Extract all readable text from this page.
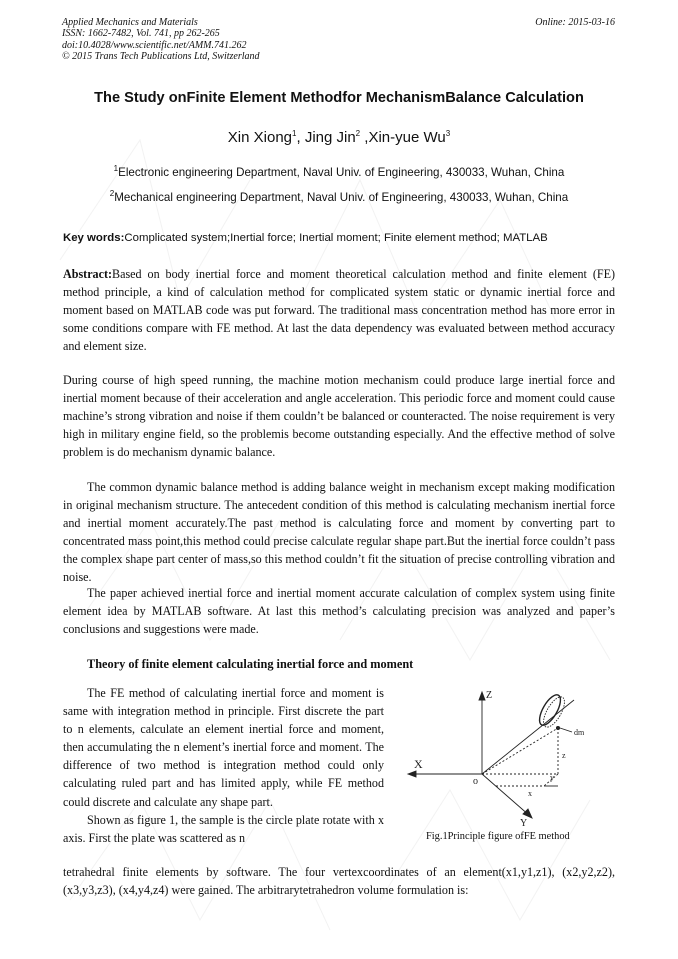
Applied Mechanics and Materials
ISSN: 1662-7482, Vol. 741, pp 262-265
doi:10.4028/www.scientific.net/AMM.741.262
© 2015 Trans Tech Publications Ltd, Switzerland
Online: 2015-03-16
The Study onFinite Element Methodfor MechanismBalance Calculation
Xin Xiong$^1$, Jing Jin$^2$ ,Xin-yue Wu$^3$
$^1$Electronic engineering Department, Naval Univ. of Engineering, 430033, Wuhan, China
$^2$Mechanical engineering Department, Naval Univ. of Engineering, 430033, Wuhan, China
Key words:Complicated system;Inertial force; Inertial moment; Finite element method; MATLAB
Abstract:Based on body inertial force and moment theoretical calculation method and finite element (FE) method principle, a kind of calculation method for complicated system static or dynamic inertial force and moment based on MATLAB code was put forward. The traditional mass concentration method has more error in some conditions compare with FE method. At last the data dependency was evaluated between method accuracy and element size.
During course of high speed running, the machine motion mechanism could produce large inertial force and inertial moment because of their acceleration and angle acceleration. This periodic force and moment could cause machine’s strong vibration and noise if them couldn’t be balanced or counteracted. The noise requirement is very high in military engine field, so the problemis become outstanding especially. And the effective method of solve problem is do mechanism dynamic balance.
The common dynamic balance method is adding balance weight in mechanism except making modification in original mechanism structure. The antecedent condition of this method is calculating mechanism inertial force and inertial moment accurately.The past method is calculating force and moment by converting part to concentrated mass point,this method could precise calculate regular shape part.But the inertial force couldn’t pass the complex shape part center of mass,so this method couldn’t fit the situation of precise controlling vibration and noise.
The paper achieved inertial force and inertial moment accurate calculation of complex system using finite element idea by MATLAB software. At last this method’s calculating precision was analyzed and paper’s conclusions and suggestions were made.
Theory of finite element calculating inertial force and moment
The FE method of calculating inertial force and moment is same with integration method in principle. First discrete the part to n elements, calculate an element inertial force and moment, then accumulating the n element’s inertial force and moment. The difference of two method is integration method could only calculating ruled part and has limited apply, while FE method could discrete and calculate any shape part.
Shown as figure 1, the sample is the circle plate rotate with x axis. First the plate was scattered as n
Z
X
Y
o
dm
z
y
x
Fig.1Principle figure ofFE method
tetrahedral finite elements by software. The four vertexcoordinates of an element(x1,y1,z1), (x2,y2,z2), (x3,y3,z3), (x4,y4,z4) were gained. The arbitrarytetrahedron volume formulation is:
